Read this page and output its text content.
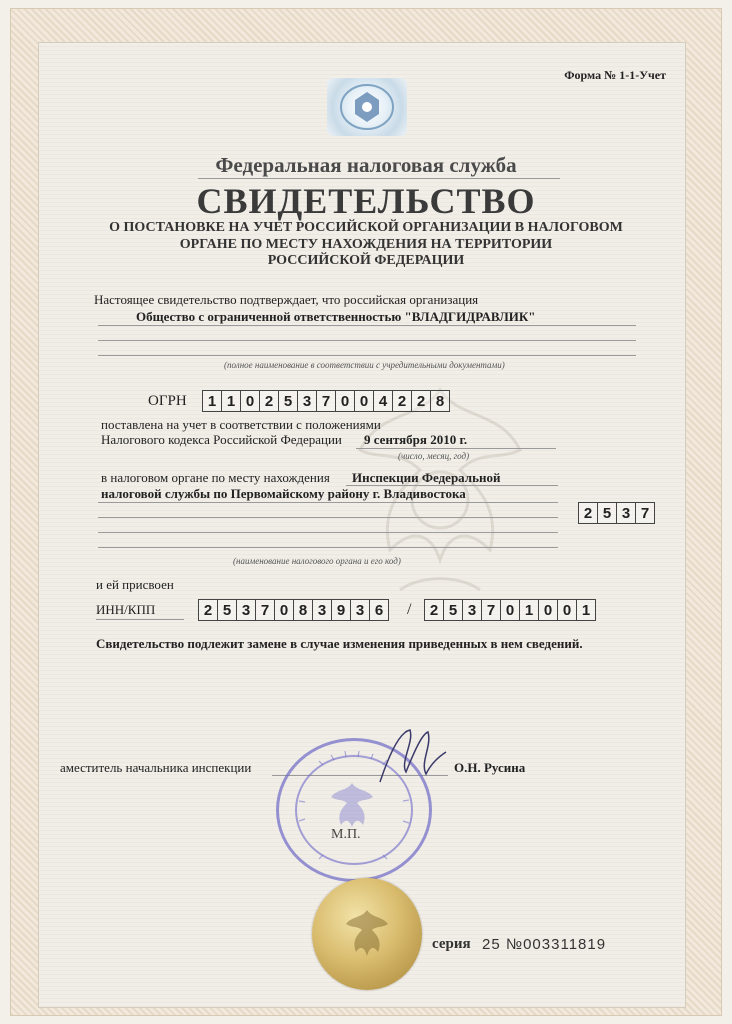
Форма № 1-1-Учет
Федеральная налоговая служба
СВИДЕТЕЛЬСТВО
О ПОСТАНОВКЕ НА УЧЕТ РОССИЙСКОЙ ОРГАНИЗАЦИИ В НАЛОГОВОМ
ОРГАНЕ ПО МЕСТУ НАХОЖДЕНИЯ НА ТЕРРИТОРИИ
РОССИЙСКОЙ ФЕДЕРАЦИИ
Настоящее свидетельство подтверждает, что российская организация
Общество с ограниченной ответственностью "ВЛАДГИДРАВЛИК"
(полное наименование в соответствии с учредительными документами)
ОГРН	1 1 0 2 5 3 7 0 0 4 2 2 8
поставлена на учет в соответствии с положениями
Налогового кодекса Российской Федерации 9 сентября 2010 г.
(число, месяц, год)
в налоговом органе по месту нахождения Инспекции Федеральной
налоговой службы по Первомайскому району г. Владивостока
2 5 3 7
(наименование налогового органа и его код)
и ей присвоен
ИНН/КПП	2 5 3 7 0 8 3 9 3 6	/	2 5 3 7 0 1 0 0 1
Свидетельство подлежит замене в случае изменения приведенных в нем сведений.
аместитель начальника инспекции	О.Н. Русина
М.П.
серия 25 №003311819
